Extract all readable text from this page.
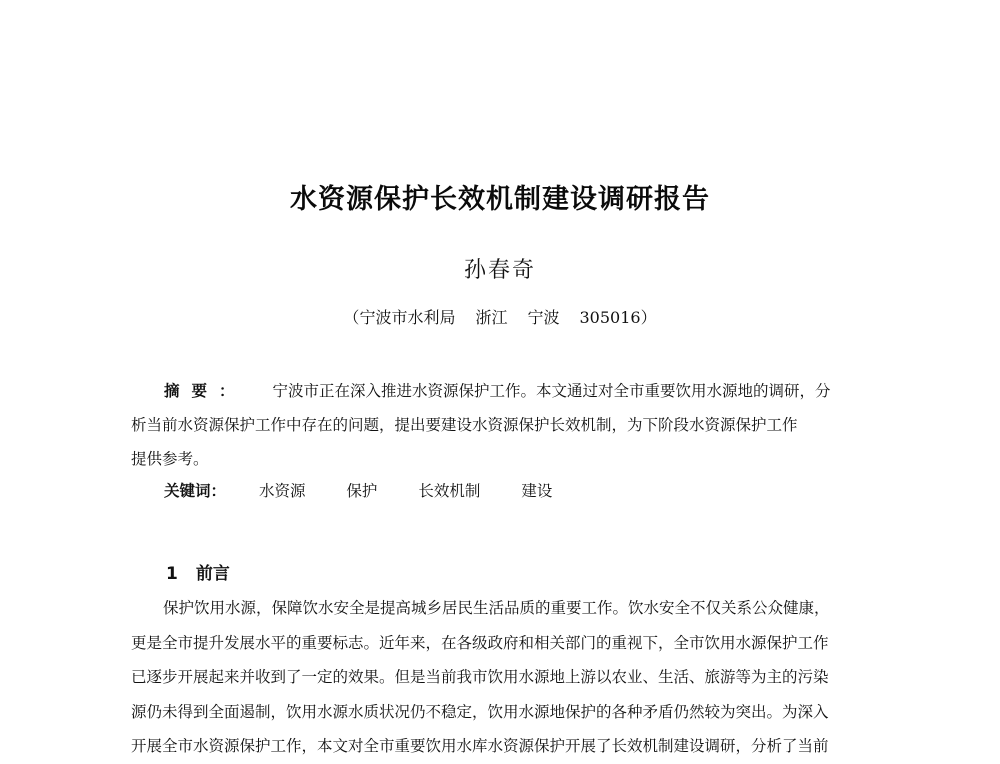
水资源保护长效机制建设调研报告
孙春奇
（宁波市水利局 浙江 宁波 305016）
摘要： 宁波市正在深入推进水资源保护工作。本文通过对全市重要饮用水源地的调研，分
析当前水资源保护工作中存在的问题，提出要建设水资源保护长效机制，为下阶段水资源保护工作
提供参考。
关键词： 水资源	保护	长效机制	建设
1 前言
保护饮用水源，保障饮水安全是提高城乡居民生活品质的重要工作。饮水安全不仅关系公众健康，
更是全市提升发展水平的重要标志。近年来，在各级政府和相关部门的重视下，全市饮用水源保护工作
已逐步开展起来并收到了一定的效果。但是当前我市饮用水源地上游以农业、生活、旅游等为主的污染
源仍未得到全面遏制，饮用水源水质状况仍不稳定，饮用水源地保护的各种矛盾仍然较为突出。为深入
开展全市水资源保护工作，本文对全市重要饮用水库水资源保护开展了长效机制建设调研，分析了当前
